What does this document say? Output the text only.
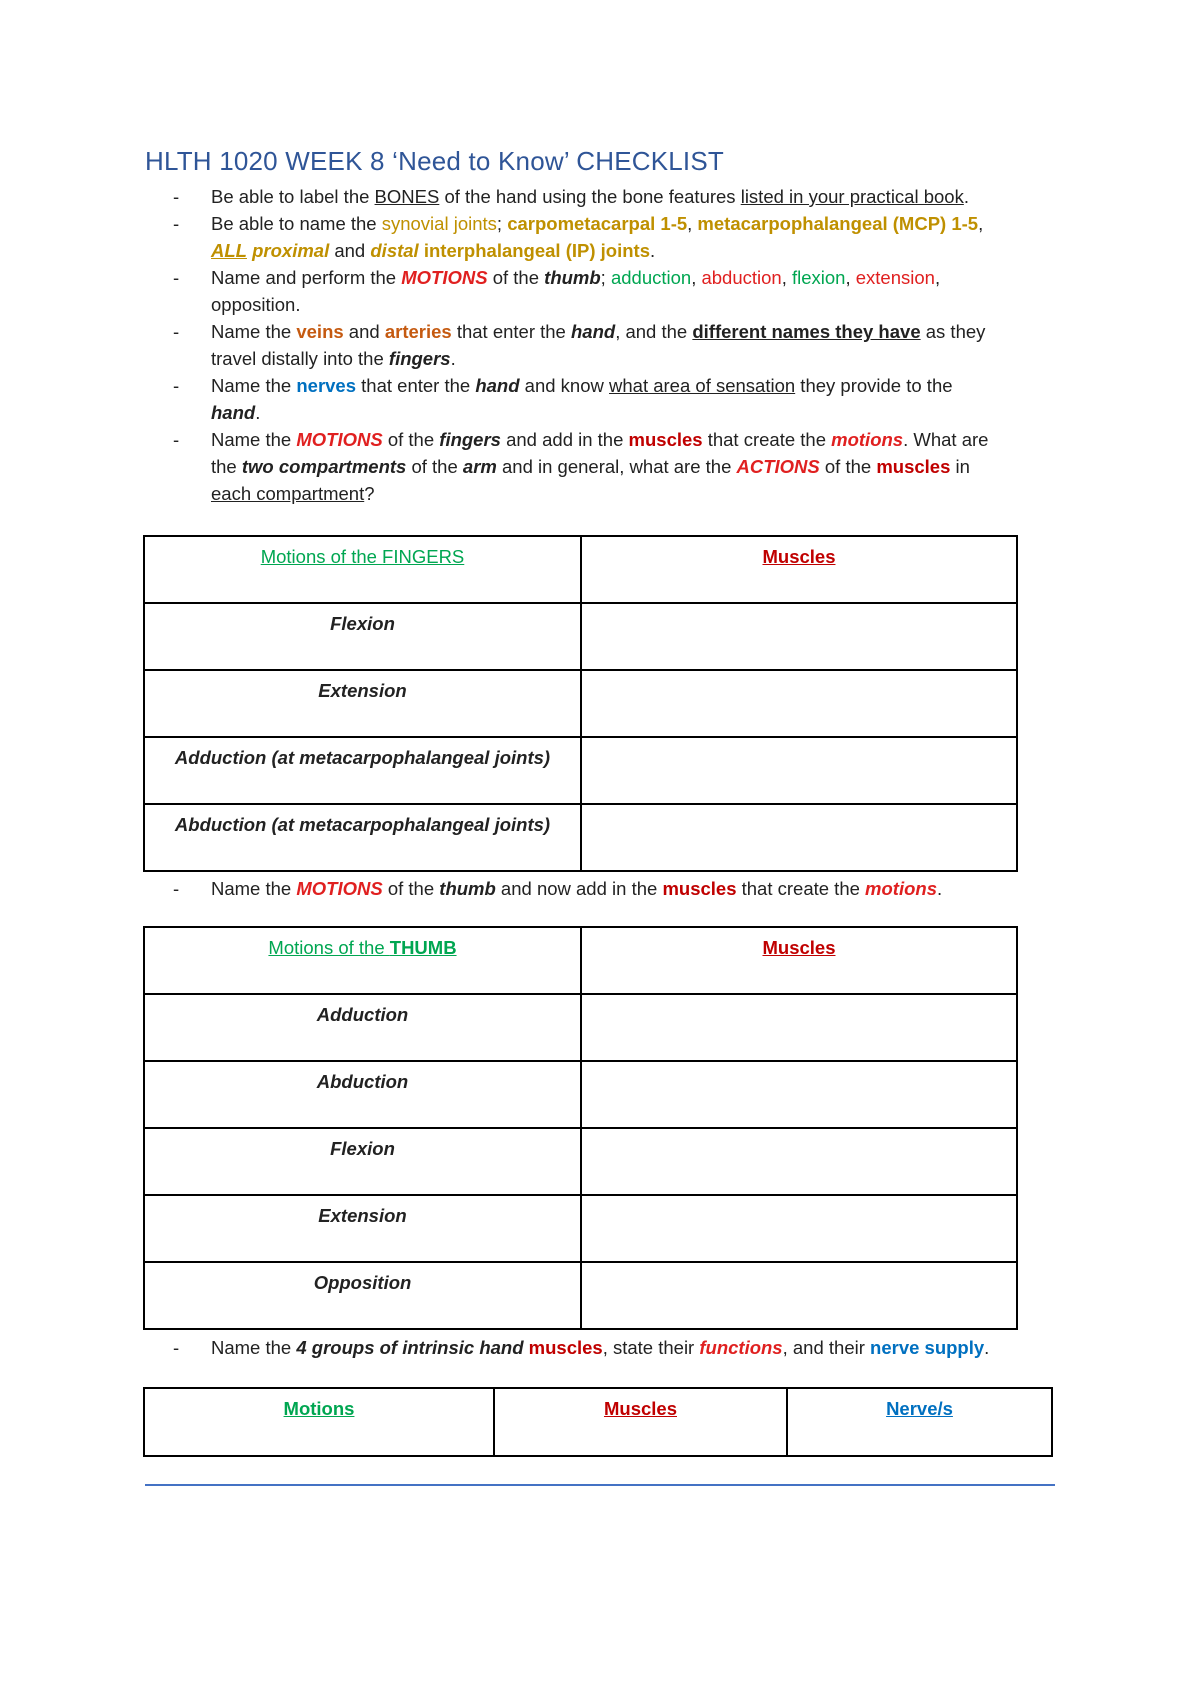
HLTH 1020 WEEK 8 ‘Need to Know’ CHECKLIST
- Be able to label the BONES of the hand using the bone features listed in your practical book.
- Be able to name the synovial joints; carpometacarpal 1-5, metacarpophalangeal (MCP) 1-5,
ALL proximal and distal interphalangeal (IP) joints.
- Name and perform the MOTIONS of the thumb; adduction, abduction, flexion, extension,
opposition.
- Name the veins and arteries that enter the hand, and the different names they have as they
travel distally into the fingers.
- Name the nerves that enter the hand and know what area of sensation they provide to the
hand.
- Name the MOTIONS of the fingers and add in the muscles that create the motions. What are
the two compartments of the arm and in general, what are the ACTIONS of the muscles in
each compartment?
Motions of the FINGERS	Muscles
Flexion	
Extension	
Adduction (at metacarpophalangeal joints)	
Abduction (at metacarpophalangeal joints)	
- Name the MOTIONS of the thumb and now add in the muscles that create the motions.
Motions of the THUMB	Muscles
Adduction	
Abduction	
Flexion	
Extension	
Opposition	
- Name the 4 groups of intrinsic hand muscles, state their functions, and their nerve supply.
Motions	Muscles	Nerve/s
